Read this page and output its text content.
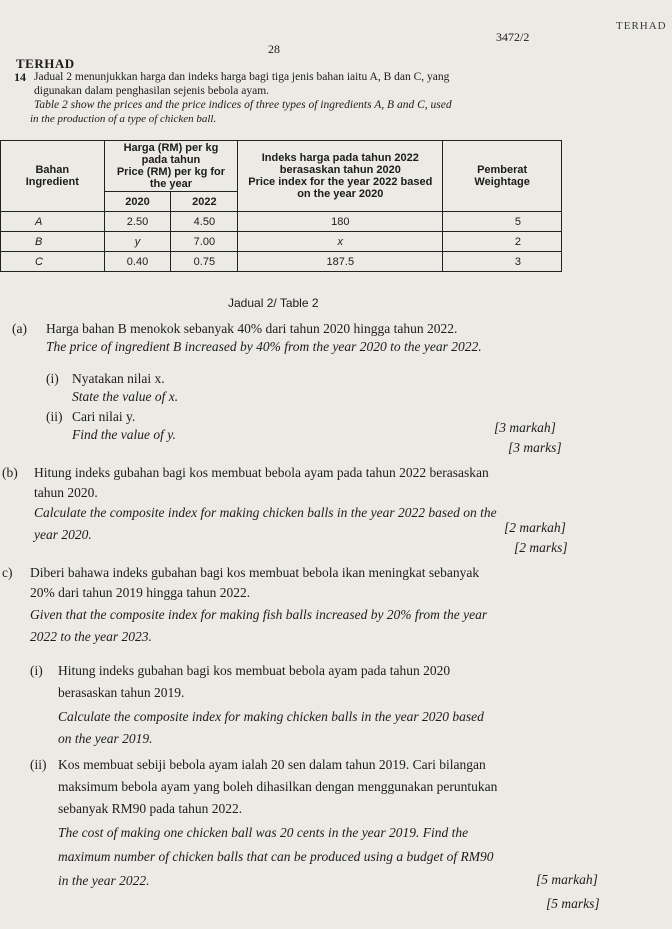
TERHAD
3472/2
28
TERHAD
14 Jadual 2 menunjukkan harga dan indeks harga bagi tiga jenis bahan iaitu A, B dan C, yang
digunakan dalam penghasilan sejenis bebola ayam.
Table 2 show the prices and the price indices of three types of ingredients A, B and C, used
in the production of a type of chicken ball.
Bahan
Ingredient	Harga (RM) per kg
pada tahun
Price (RM) per kg for
the year		Indeks harga pada tahun 2022
berasaskan tahun 2020
Price index for the year 2022 based
on the year 2020	Pemberat
Weightage
	2020	2022		
A	2.50	4.50	180	5
B	y	7.00	x	2
C	0.40	0.75	187.5	3
Jadual 2/ Table 2
(a) Harga bahan B menokok sebanyak 40% dari tahun 2020 hingga tahun 2022.
The price of ingredient B increased by 40% from the year 2020 to the year 2022.
(i) Nyatakan nilai x.
State the value of x.
(ii) Cari nilai y.
Find the value of y.	[3 markah]
[3 marks]
(b) Hitung indeks gubahan bagi kos membuat bebola ayam pada tahun 2022 berasaskan
tahun 2020.
Calculate the composite index for making chicken balls in the year 2022 based on the
year 2020.	[2 markah]
[2 marks]
c) Diberi bahawa indeks gubahan bagi kos membuat bebola ikan meningkat sebanyak
20% dari tahun 2019 hingga tahun 2022.
Given that the composite index for making fish balls increased by 20% from the year
2022 to the year 2023.
(i) Hitung indeks gubahan bagi kos membuat bebola ayam pada tahun 2020
berasaskan tahun 2019.
Calculate the composite index for making chicken balls in the year 2020 based
on the year 2019.
(ii) Kos membuat sebiji bebola ayam ialah 20 sen dalam tahun 2019. Cari bilangan
maksimum bebola ayam yang boleh dihasilkan dengan menggunakan peruntukan
sebanyak RM90 pada tahun 2022.
The cost of making one chicken ball was 20 cents in the year 2019. Find the
maximum number of chicken balls that can be produced using a budget of RM90
in the year 2022.	[5 markah]
[5 marks]
